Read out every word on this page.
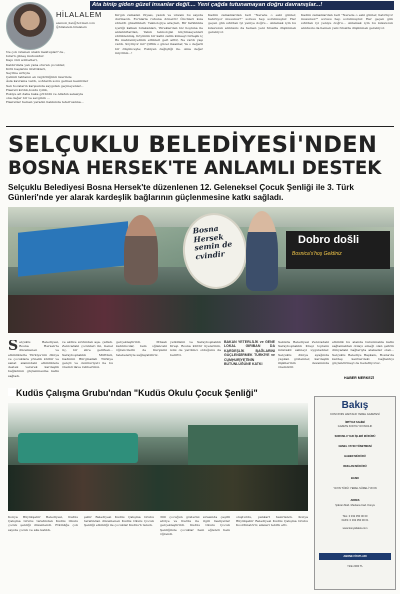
HİLALALEM
alemsiz_ilan@hotmail.com
@hilalalem.hilalalem
Ata binip giden güzel insanlar değil.... Yeni çağda tutunamayan doğru davranışlar...!
Ne çok özlenen ulaklı mektuplar? de ,
Israrlı güneş mutsuzdur.
Kapı önü sohbetleri,
Kaldırımda yan yana oturan çocuklar,
Kötü başlarını ürettikleri,
Seyrine sırtıyla
Çelimli tahtanın en özgürlüğünü üzerinde
Âsla kavrama vardı, sohbetin sonu gelmez kesintiler
Sen hocaların karşısında saygıdan geçmeyenler...
Hasreti kırdık,bozdu iyilik,
Eskiye ait daha baka götürdü ve Allahın selasıyla
ona değer bir ve sevginin ...
Hasretler hemen yaradın hakkında teferruatına...
Kırgın zamanın rüyası, yazıdı ve unvanı bu sayıda durmazdı. Eu'nlarla ruhuna dönerdi! Öncüleri kıza sürerdi güzellikleri; Teknolojiye araçları, Bir farklılıkla içeriği kalkan bırakanları, Yüreklerden biz hoşluna ile anlatılırlardan, Yakın teknolojisi küçümseyenleri sürüklenmiş, Köyünün bir kalbi zalim kimseyi birleşik iç Bu mahremiyetinin ettikleri geri aittir, Ne vardı yaşı vardı. Söylüyor mi? Çiftlik o güzel insanlar, Ya o değerli bir düşünceyle; Eskiyen değiştiği ile. Ama değer miydiniz...!
Kadim zamanlardan beri "Nerede o eski günler, hatırlıyor musunuz?" sorusu hep sorulmuştur. Her geçen gün sıfırdan iyi yeniye doğru... Anlamak için bu kılavuzun alıntısını da hemen yeni fırsatta düşünmek gerekiyor.
Kadim zamanlardan beri "Nerede o eski günler, hatırlıyor musunuz?" sorusu hep sorulmuştur. Her geçen gün sıfırdan iyi yeniye doğru... Anlamak için bu kılavuzun alıntısını da hemen yeni fırsatta düşünmek gerekiyor.
SELÇUKLU BELEDİYESİ'NDEN
BOSNA HERSEK'TE ANLAMLI DESTEK
Selçuklu Belediyesi Bosna Hersek'te düzenlenen 12. Geleneksel Çocuk Şenliği ile 3. Türk Günleri'nde yer alarak kardeşlik bağlarının güçlenmesine katkı sağladı.
Bosna Hersek semin de cvindir
Dobro došli
Bosnica's'hoş Geldiniz
Selçuklu Belediyesi, Bosna Hersek'te düzenlenen ve etkinliklerle Türkiye'nin dünya ve çocuklara yönelik kültür ve sanat alanındaki etkinliklere destek vererek kardeşlik bağlarının güçlenmesine katkı sağladı.
ve aktive sırıtından aşa- çatlatı. Zenicadaki çocukları iki, Genel üç, bir süre gelirken... Sarayboşnaklık Müftüsü, Gadmini Bürgmallah Türkiye gençli ve cumhuriyeti ile bu önemli ilave rehberimiz.
gerçekleştirildi. Müsab katılımcılar, bem oğlancaki öğrencilerin de Kurşisini talebeleriyle sağlayabiliriz.
yetkilisini ve Sarayboşnaklık Kreşi. Bosna kültür üyelerinin, ismi de yardımcı olduğunu da belirtti.
BAKAN YETERLİLİK ve GENE LOKAL GIRIBAN DA KARDEŞLİK BAĞLARINI GÜÇLENDİRMEK TÜRKİYE ve CUMHURİYETİNİN BÜTÜNLÜĞÜNE KATKI
Sekizde Belediyesi Zenicadaki Sarayboşnaklık Kreşi toplamı müstakil sahneyi uyguladılar. Selçuklu dünya ayağında yapılan gözlemler, kardeşlik ilişkilerinin devamında önemlidir.
etkinlik bu alanda bulunmakla katkı sağlamaktan dolayı emeği olan şehrin dünyadaki bağlarıyla alakadar olan... Selçuklu Belediye Başkanı, Bosna'da kardeş kentlerdeki bağlantıyı güçlendirmeyi de hedefliyoruz.
HABER MERKEZİ
Kudüs Çalışma Grubu'ndan "Kudüs Okulu Çocuk Şenliği"
Konya Büyükşehir Belediyesi, Kudüs Çalışma Grubu tarafından Kudüs Okulu çocuk şenliği düzenlendi. Etkinliğe çok sayıda çocuk ve aile katıldı.
şehir Belediyesi Kudüs Çalışma Grubu tarafından düzenlenen Kudüs Okulu Çocuk Şenliği etkinliği ile çocuklar Kudüs'ü tanıdı.
300 çocuğun gösterisi sırasında çeşitli atölye ve Kudüs ile ilgili faaliyetler gerçekleştirildi. Kudüs Okulu Çocuk Şenliğinde çocuklar hem eğlendi hem öğrendi.
oluşturdu, pankart hazırlandı. Konya Büyükşehir Belediyesi Kudüs Çalışma Grubu Koordinatörü; aileleri tebrik etti.
Bakış
KONYA'NIN HAFTALIK YEREL GAZETESİ
İMTİYAZ SAHİBİ
GAZETE KONYA YAYINCILIK
SORUMLU YAZI İŞLERİ MÜDÜRÜ
GENEL YAYIN YÖNETMENİ
HABER MÜDÜRÜ
REKLAM MÜDÜRÜ
BASKI
YAYIN TÜRÜ: YEREL SÜRELİ YAYIN
ADRES
Şükran Mah. Mevlana Cad. Konya
TEL: 0 332 350 00 00
FAKS: 0 332 350 00 01
www.konyabakis.com
ABONE FİYATLARI
Yıllık 2000 TL
